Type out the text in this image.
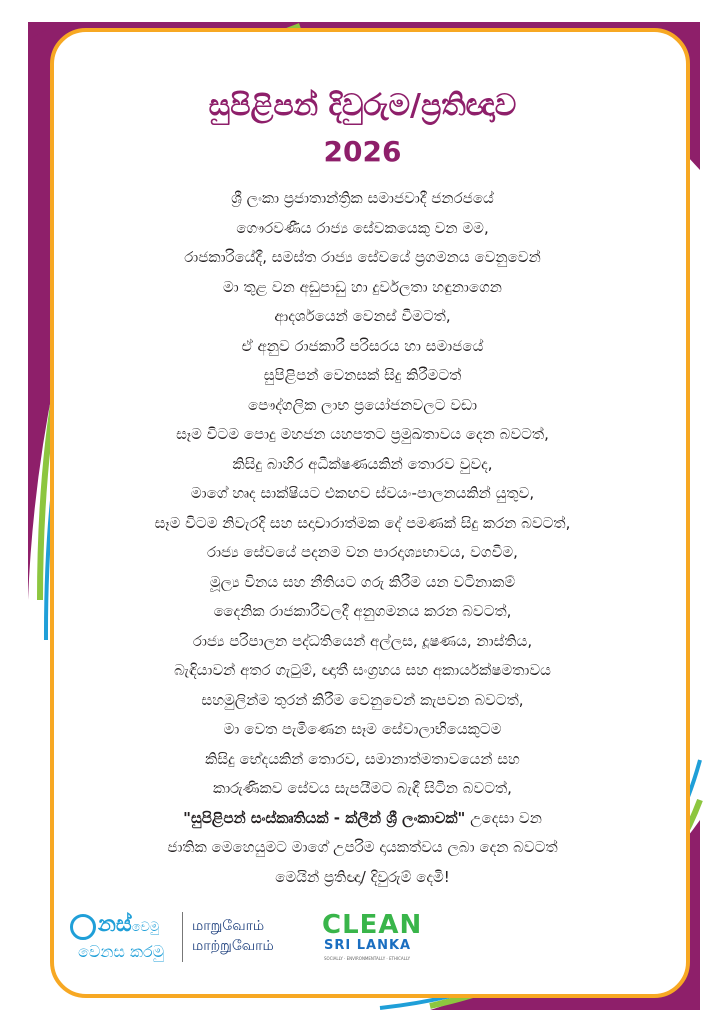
සුපිළිපන් දිවුරුම/ප්‍රතිඥාව
2026
ශ්‍රී ලංකා ප්‍රජාතාන්ත්‍රික සමාජවාදී ජනරජයේ
ගෞරවණීය රාජ්‍ය සේවකයෙකු වන මම,
රාජකාරියේදී, සමස්ත රාජ්‍ය සේවයේ ප්‍රගමනය වෙනුවෙන්
මා තුළ වන අඩුපාඩු හා දුර්වලතා හඳුනාගෙන
ආදර්ශයෙන් වෙනස් වීමටත්,
ඒ අනුව රාජකාරී පරිසරය හා සමාජයේ
සුපිළිපන් වෙනසක් සිදු කිරීමටත්
පෞද්ගලික ලාභ ප්‍රයෝජනවලට වඩා
සෑම විටම පොදු මහජන යහපතට ප්‍රමුඛතාවය දෙන බවටත්,
කිසිදු බාහිර අධීක්ෂණයකින් තොරව වුවද,
මාගේ හෘද සාක්ෂියට එකඟව ස්වයං-පාලනයකින් යුතුව,
සෑම විටම නිවැරදි සහ සදාචාරාත්මක දේ පමණක් සිදු කරන බවටත්,
රාජ්‍ය සේවයේ පදනම වන පාරදෘශ්‍යභාවය, වගවීම,
මූල්‍ය විනය සහ නීතියට ගරු කිරීම යන වටිනාකම්
දෛනික රාජකාරීවලදී අනුගමනය කරන බවටත්,
රාජ්‍ය පරිපාලන පද්ධතියෙන් අල්ලස, දූෂණය, නාස්තිය,
බැඳියාවන් අතර ගැටුම්, ඥාතී සංග්‍රහය සහ අකාර්යක්ෂමතාවය
සහමුලින්ම තුරන් කිරීම වෙනුවෙන් කැපවන බවටත්,
මා වෙත පැමිණෙන සෑම සේවාලාභියෙකුටම
කිසිදු භේදයකින් තොරව, සමානාත්මතාවයෙන් සහ
කාරුණිකව සේවය සැපයීමට බැඳී සිටින බවටත්,
"සුපිළිපන් සංස්කෘතියක් - ක්ලීන් ශ්‍රී ලංකාවක්" උදෙසා වන
ජාතික මෙහෙයුමට මාගේ උපරිම දායකත්වය ලබා දෙන බවටත්
මෙයින් ප්‍රතිඥා/ දිවුරුම් දෙමි!
නස්වෙමු
වෙනස කරමු
மாறுவோம்
மாற்றுவோம்
CLEAN
SRI LANKA
SOCIALLY · ENVIRONMENTALLY · ETHICALLY
